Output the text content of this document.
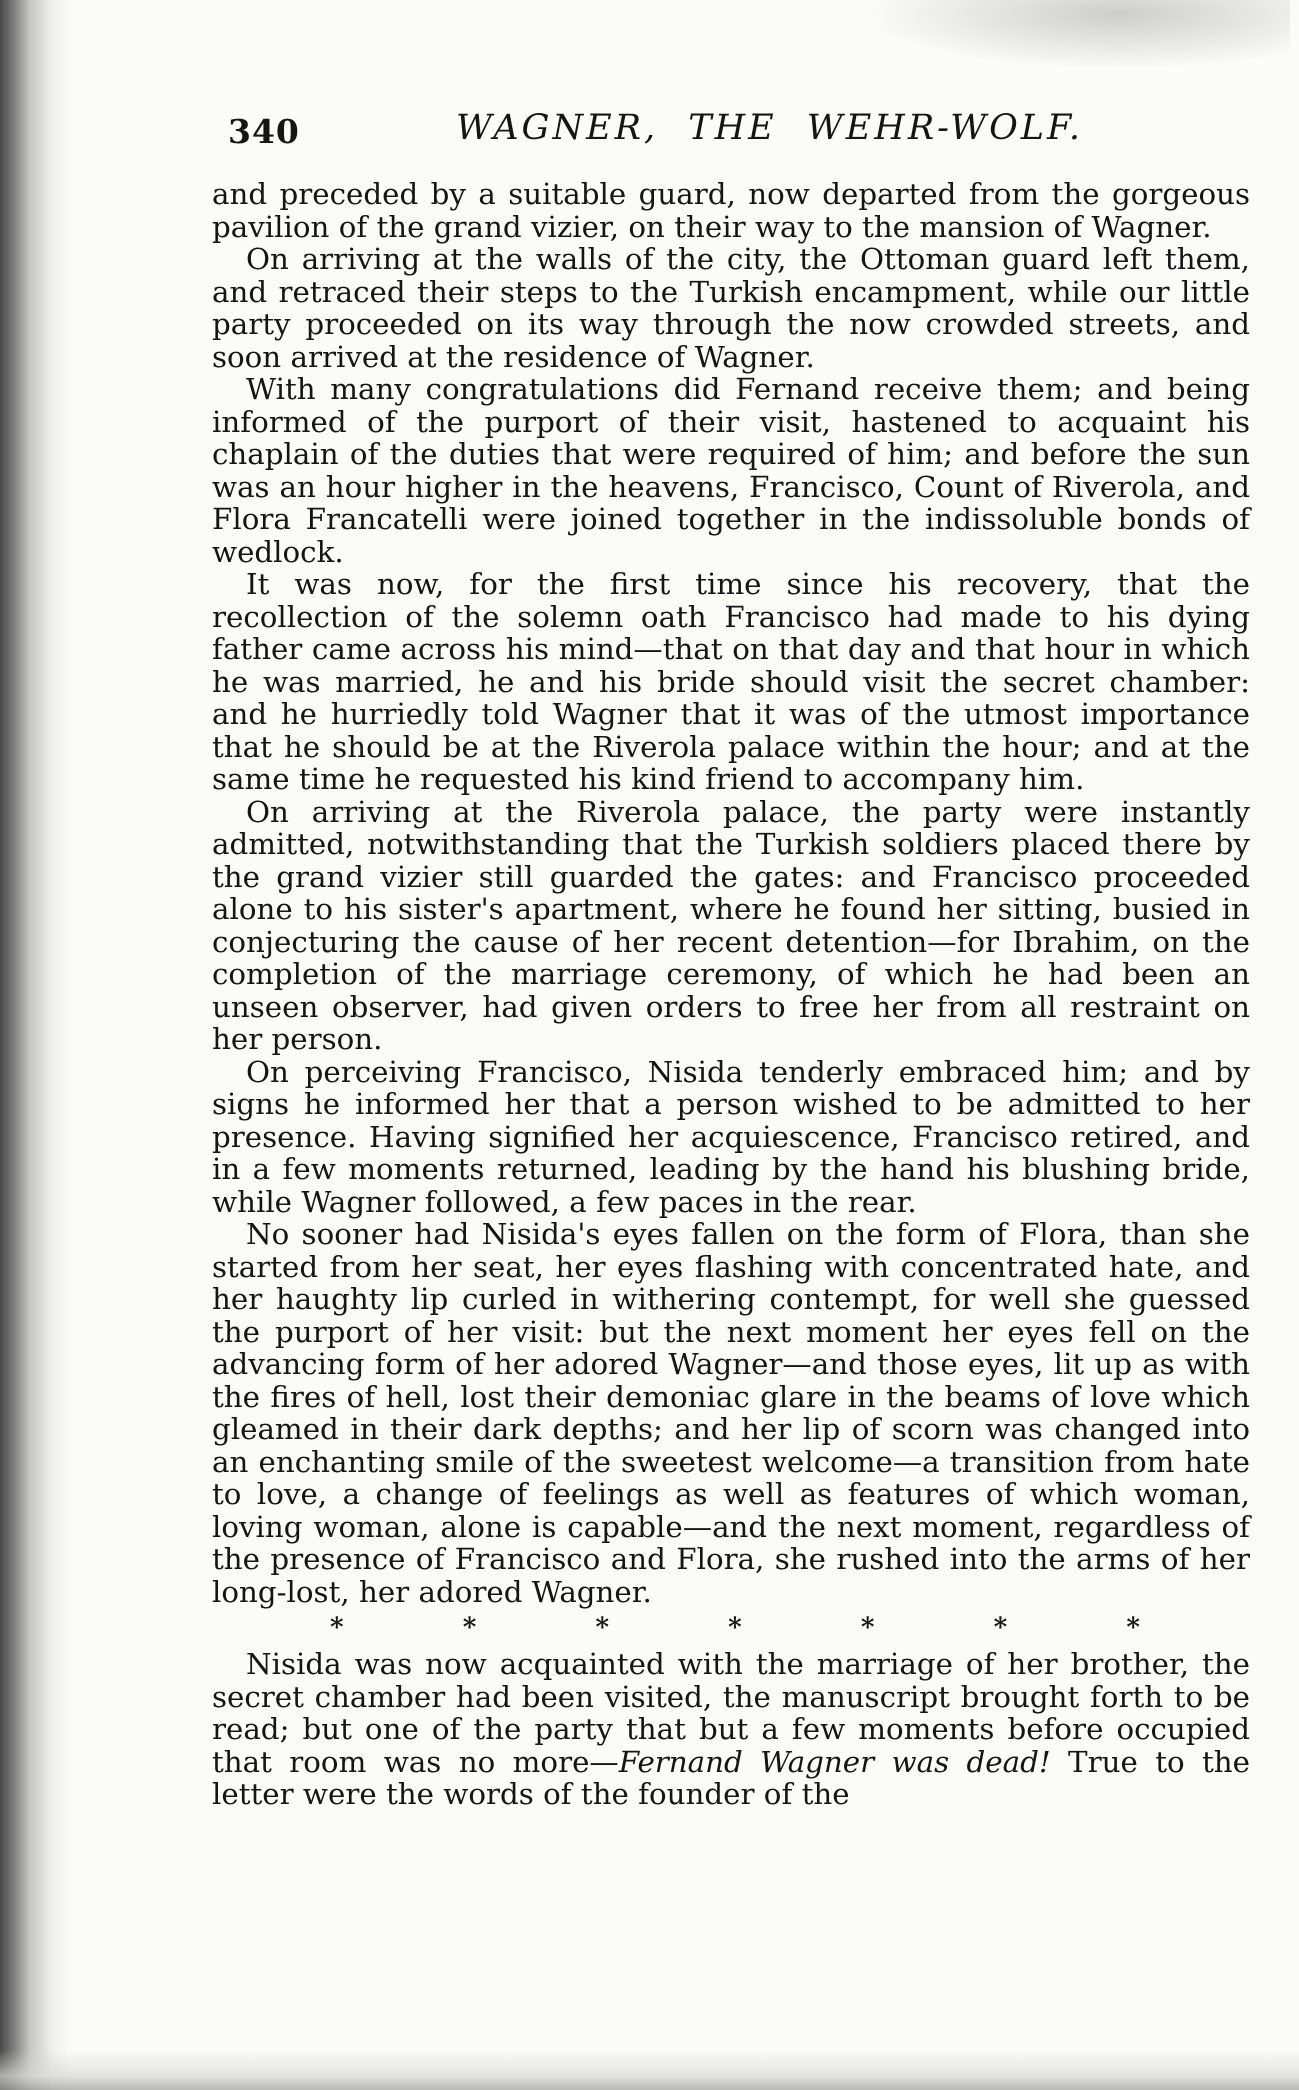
340	WAGNER, THE WEHR-WOLF.

and preceded by a suitable guard, now departed from the gorgeous pavilion of the grand vizier, on their way to the mansion of Wagner.

On arriving at the walls of the city, the Ottoman guard left them, and retraced their steps to the Turkish encampment, while our little party proceeded on its way through the now crowded streets, and soon arrived at the residence of Wagner.

With many congratulations did Fernand receive them; and being informed of the purport of their visit, hastened to acquaint his chaplain of the duties that were required of him; and before the sun was an hour higher in the heavens, Francisco, Count of Riverola, and Flora Francatelli were joined together in the indissoluble bonds of wedlock.

It was now, for the first time since his recovery, that the recollection of the solemn oath Francisco had made to his dying father came across his mind—that on that day and that hour in which he was married, he and his bride should visit the secret chamber: and he hurriedly told Wagner that it was of the utmost importance that he should be at the Riverola palace within the hour; and at the same time he requested his kind friend to accompany him.

On arriving at the Riverola palace, the party were instantly admitted, notwithstanding that the Turkish soldiers placed there by the grand vizier still guarded the gates: and Francisco proceeded alone to his sister's apartment, where he found her sitting, busied in conjecturing the cause of her recent detention—for Ibrahim, on the completion of the marriage ceremony, of which he had been an unseen observer, had given orders to free her from all restraint on her person.

On perceiving Francisco, Nisida tenderly embraced him; and by signs he informed her that a person wished to be admitted to her presence. Having signified her acquiescence, Francisco retired, and in a few moments returned, leading by the hand his blushing bride, while Wagner followed, a few paces in the rear.

No sooner had Nisida's eyes fallen on the form of Flora, than she started from her seat, her eyes flashing with concentrated hate, and her haughty lip curled in withering contempt, for well she guessed the purport of her visit: but the next moment her eyes fell on the advancing form of her adored Wagner—and those eyes, lit up as with the fires of hell, lost their demoniac glare in the beams of love which gleamed in their dark depths; and her lip of scorn was changed into an enchanting smile of the sweetest welcome—a transition from hate to love, a change of feelings as well as features of which woman, loving woman, alone is capable—and the next moment, regardless of the presence of Francisco and Flora, she rushed into the arms of her long-lost, her adored Wagner.

*	*	*	*	*	*	*

Nisida was now acquainted with the marriage of her brother, the secret chamber had been visited, the manuscript brought forth to be read; but one of the party that but a few moments before occupied that room was no more—Fernand Wagner was dead! True to the letter were the words of the founder of the
